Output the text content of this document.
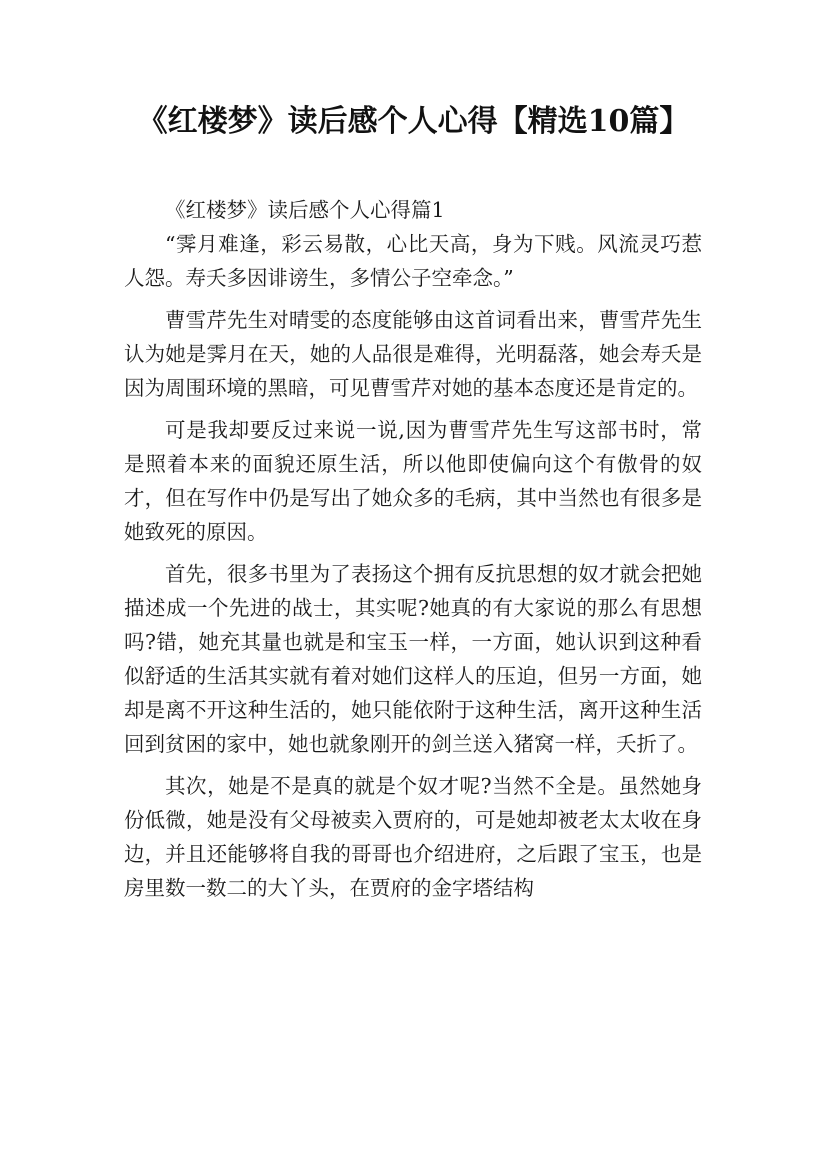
《红楼梦》读后感个人心得【精选10篇】

《红楼梦》读后感个人心得篇1

“霁月难逢，彩云易散，心比天高，身为下贱。风流灵巧惹人怨。寿夭多因诽谤生，多情公子空牵念。”

曹雪芹先生对晴雯的态度能够由这首词看出来，曹雪芹先生认为她是霁月在天，她的人品很是难得，光明磊落，她会寿夭是因为周围环境的黑暗，可见曹雪芹对她的基本态度还是肯定的。

可是我却要反过来说一说,因为曹雪芹先生写这部书时，常是照着本来的面貌还原生活，所以他即使偏向这个有傲骨的奴才，但在写作中仍是写出了她众多的毛病，其中当然也有很多是她致死的原因。

首先，很多书里为了表扬这个拥有反抗思想的奴才就会把她描述成一个先进的战士，其实呢?她真的有大家说的那么有思想吗?错，她充其量也就是和宝玉一样，一方面，她认识到这种看似舒适的生活其实就有着对她们这样人的压迫，但另一方面，她却是离不开这种生活的，她只能依附于这种生活，离开这种生活回到贫困的家中，她也就象刚开的剑兰送入猪窝一样，夭折了。

其次，她是不是真的就是个奴才呢?当然不全是。虽然她身份低微，她是没有父母被卖入贾府的，可是她却被老太太收在身边，并且还能够将自我的哥哥也介绍进府，之后跟了宝玉，也是房里数一数二的大丫头，在贾府的金字塔结构
